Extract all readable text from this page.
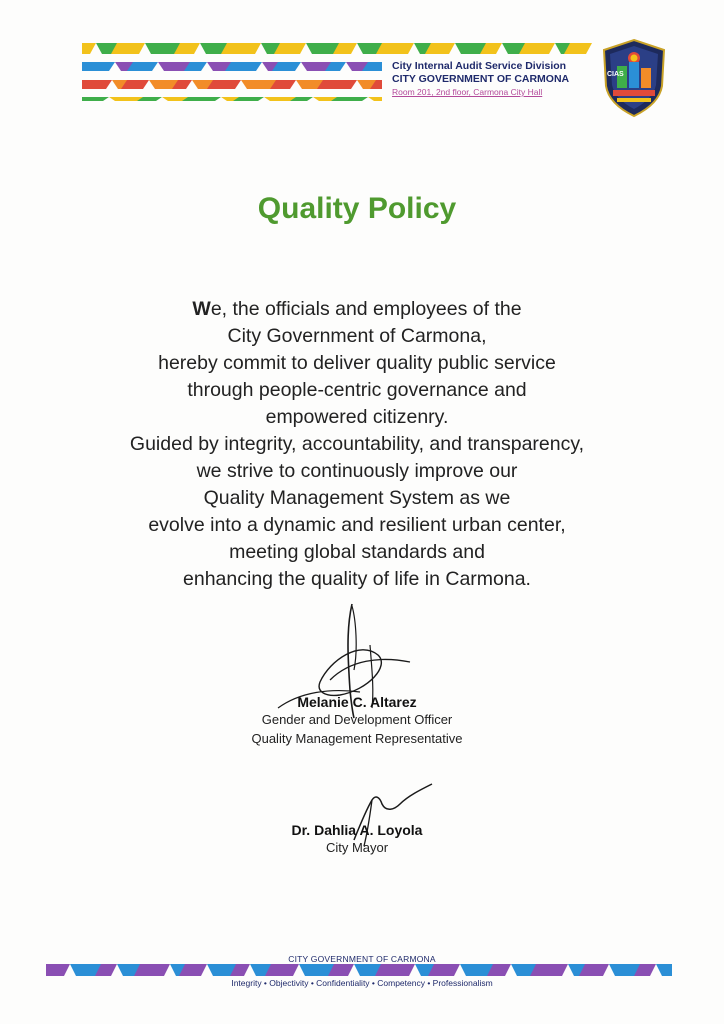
City Internal Audit Service Division
CITY GOVERNMENT OF CARMONA
Room 201, 2nd floor, Carmona City Hall
CIAS
Quality Policy
We, the officials and employees of the
City Government of Carmona,
hereby commit to deliver quality public service
through people-centric governance and
empowered citizenry.
Guided by integrity, accountability, and transparency,
we strive to continuously improve our
Quality Management System as we
evolve into a dynamic and resilient urban center,
meeting global standards and
enhancing the quality of life in Carmona.
Melanie C. Altarez
Gender and Development Officer
Quality Management Representative
Dr. Dahlia A. Loyola
City Mayor
CITY GOVERNMENT OF CARMONA
Integrity • Objectivity • Confidentiality • Competency • Professionalism
